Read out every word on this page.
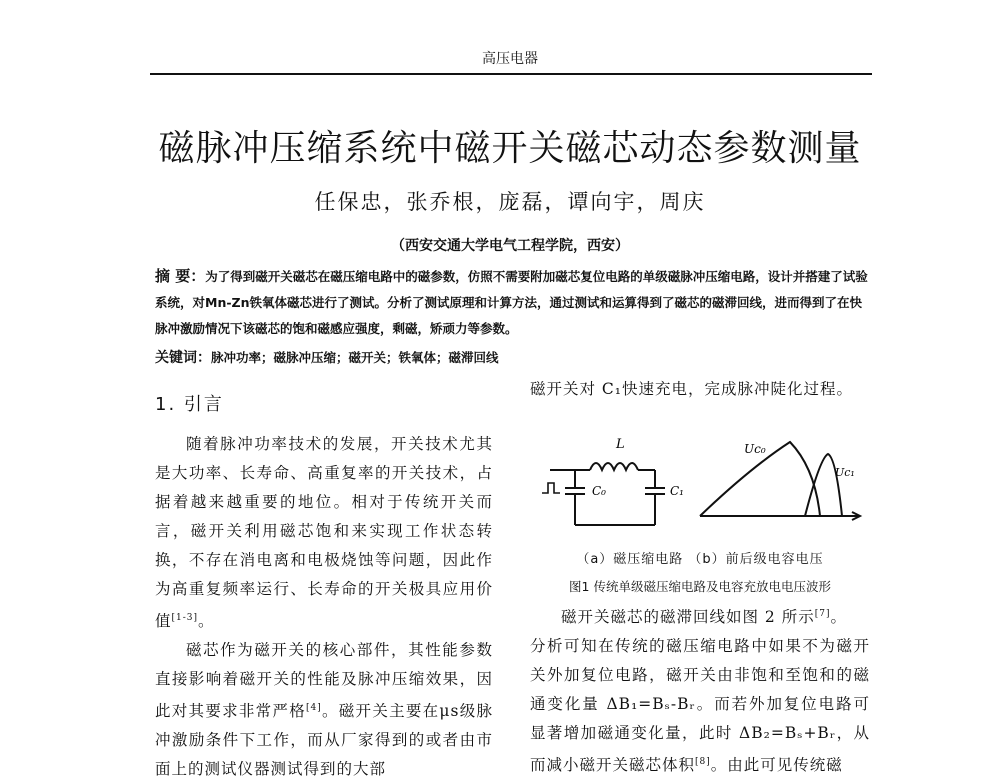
高压电器
磁脉冲压缩系统中磁开关磁芯动态参数测量
任保忠，张乔根，庞磊，谭向宇，周庆
（西安交通大学电气工程学院，西安）
摘 要：为了得到磁开关磁芯在磁压缩电路中的磁参数，仿照不需要附加磁芯复位电路的单级磁脉冲压缩电路，设计并搭建了试验系统，对Mn-Zn铁氧体磁芯进行了测试。分析了测试原理和计算方法，通过测试和运算得到了磁芯的磁滞回线，进而得到了在快脉冲激励情况下该磁芯的饱和磁感应强度，剩磁，矫顽力等参数。
关键词：脉冲功率；磁脉冲压缩；磁开关；铁氧体；磁滞回线
1. 引言

随着脉冲功率技术的发展，开关技术尤其是大功率、长寿命、高重复率的开关技术，占据着越来越重要的地位。相对于传统开关而言，磁开关利用磁芯饱和来实现工作状态转换，不存在消电离和电极烧蚀等问题，因此作为高重复频率运行、长寿命的开关极具应用价值[1-3]。

磁芯作为磁开关的核心部件，其性能参数直接影响着磁开关的性能及脉冲压缩效果，因此对其要求非常严格[4]。磁开关主要在μs级脉冲激励条件下工作，而从厂家得到的或者由市面上的测试仪器测试得到的大部

磁开关对 C₁快速充电，完成脉冲陡化过程。
L
C₀	C₁
Uc₀
Uc₁
（a）磁压缩电路 （b）前后级电容电压
图1 传统单级磁压缩电路及电容充放电电压波形

磁开关磁芯的磁滞回线如图 2 所示[7]。

分析可知在传统的磁压缩电路中如果不为磁开关外加复位电路，磁开关由非饱和至饱和的磁通变化量 ΔB₁=Bₛ-Bᵣ。而若外加复位电路可显著增加磁通变化量，此时 ΔB₂=Bₛ+Bᵣ，从而减小磁开关磁芯体积[8]。由此可见传统磁
